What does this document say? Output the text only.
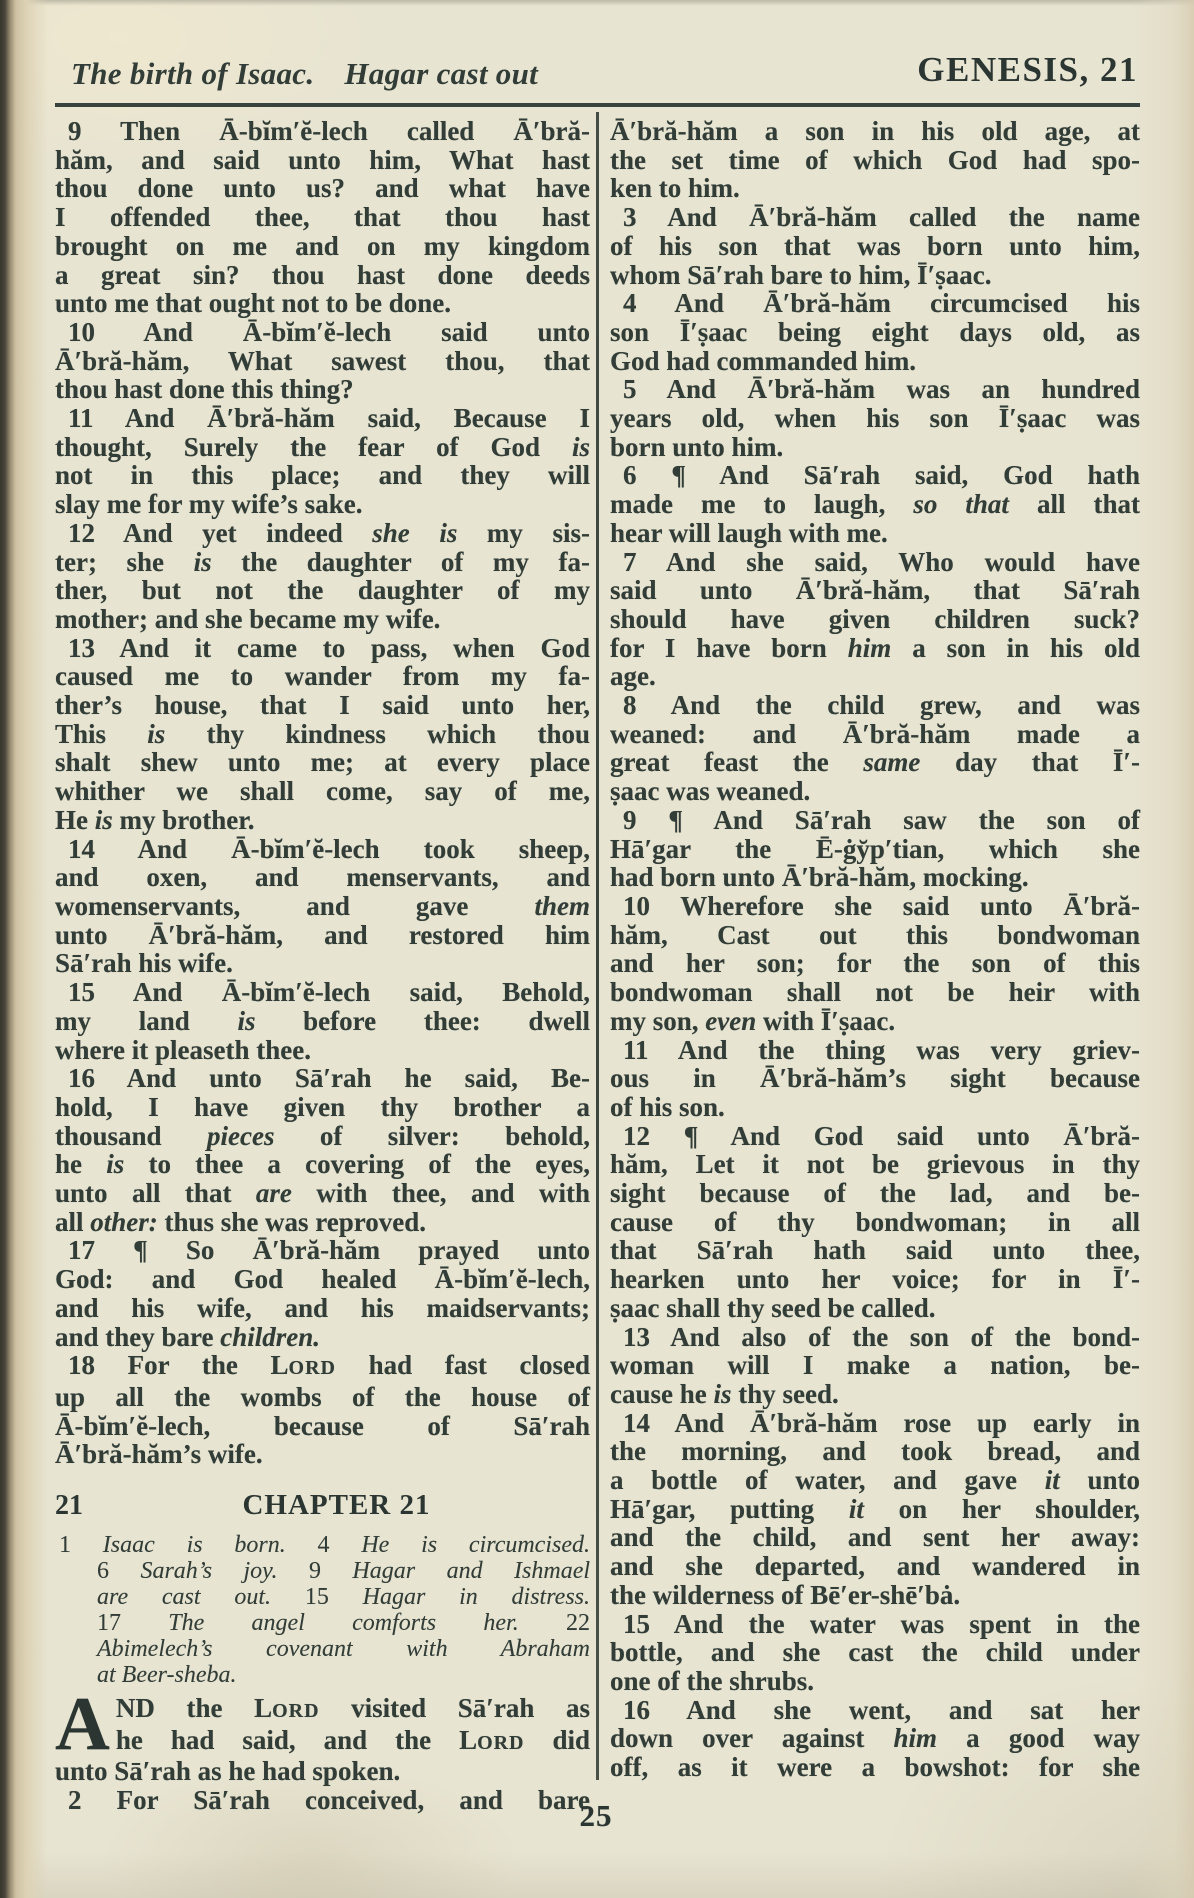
The birth of Isaac. Hagar cast out	GENESIS, 21
9 Then Ā-bĭm′ĕ-lech called Ā′bră-
hăm, and said unto him, What hast
thou done unto us? and what have
I offended thee, that thou hast
brought on me and on my kingdom
a great sin? thou hast done deeds
unto me that ought not to be done.
10 And Ā-bĭm′ĕ-lech said unto
Ā′bră-hăm, What sawest thou, that
thou hast done this thing?
11 And Ā′bră-hăm said, Because I
thought, Surely the fear of God is
not in this place; and they will
slay me for my wife’s sake.
12 And yet indeed she is my sis-
ter; she is the daughter of my fa-
ther, but not the daughter of my
mother; and she became my wife.
13 And it came to pass, when God
caused me to wander from my fa-
ther’s house, that I said unto her,
This is thy kindness which thou
shalt shew unto me; at every place
whither we shall come, say of me,
He is my brother.
14 And Ā-bĭm′ĕ-lech took sheep,
and oxen, and menservants, and
womenservants, and gave them
unto Ā′bră-hăm, and restored him
Sā′rah his wife.
15 And Ā-bĭm′ĕ-lech said, Behold,
my land is before thee: dwell
where it pleaseth thee.
16 And unto Sā′rah he said, Be-
hold, I have given thy brother a
thousand pieces of silver: behold,
he is to thee a covering of the eyes,
unto all that are with thee, and with
all other: thus she was reproved.
17 ¶ So Ā′bră-hăm prayed unto
God: and God healed Ā-bĭm′ĕ-lech,
and his wife, and his maidservants;
and they bare children.
18 For the LORD had fast closed
up all the wombs of the house of
Ā-bĭm′ĕ-lech, because of Sā′rah
Ā′bră-hăm’s wife.
21	CHAPTER 21
1 Isaac is born. 4 He is circumcised.
6 Sarah’s joy. 9 Hagar and Ishmael
are cast out. 15 Hagar in distress.
17 The angel comforts her. 22
Abimelech’s covenant with Abraham
at Beer-sheba.
A ND the LORD visited Sā′rah as
he had said, and the LORD did
unto Sā′rah as he had spoken.
2 For Sā′rah conceived, and bare
Ā′bră-hăm a son in his old age, at
the set time of which God had spo-
ken to him.
3 And Ā′bră-hăm called the name
of his son that was born unto him,
whom Sā′rah bare to him, Ī′ṣaac.
4 And Ā′bră-hăm circumcised his
son Ī′ṣaac being eight days old, as
God had commanded him.
5 And Ā′bră-hăm was an hundred
years old, when his son Ī′ṣaac was
born unto him.
6 ¶ And Sā′rah said, God hath
made me to laugh, so that all that
hear will laugh with me.
7 And she said, Who would have
said unto Ā′bră-hăm, that Sā′rah
should have given children suck?
for I have born him a son in his old
age.
8 And the child grew, and was
weaned: and Ā′bră-hăm made a
great feast the same day that Ī′-
ṣaac was weaned.
9 ¶ And Sā′rah saw the son of
Hā′gar the Ē-ġy̆p′tian, which she
had born unto Ā′bră-hăm, mocking.
10 Wherefore she said unto Ā′bră-
hăm, Cast out this bondwoman
and her son; for the son of this
bondwoman shall not be heir with
my son, even with Ī′ṣaac.
11 And the thing was very griev-
ous in Ā′bră-hăm’s sight because
of his son.
12 ¶ And God said unto Ā′bră-
hăm, Let it not be grievous in thy
sight because of the lad, and be-
cause of thy bondwoman; in all
that Sā′rah hath said unto thee,
hearken unto her voice; for in Ī′-
ṣaac shall thy seed be called.
13 And also of the son of the bond-
woman will I make a nation, be-
cause he is thy seed.
14 And Ā′bră-hăm rose up early in
the morning, and took bread, and
a bottle of water, and gave it unto
Hā′gar, putting it on her shoulder,
and the child, and sent her away:
and she departed, and wandered in
the wilderness of Bē′er-shē′bȧ.
15 And the water was spent in the
bottle, and she cast the child under
one of the shrubs.
16 And she went, and sat her
down over against him a good way
off, as it were a bowshot: for she
25
